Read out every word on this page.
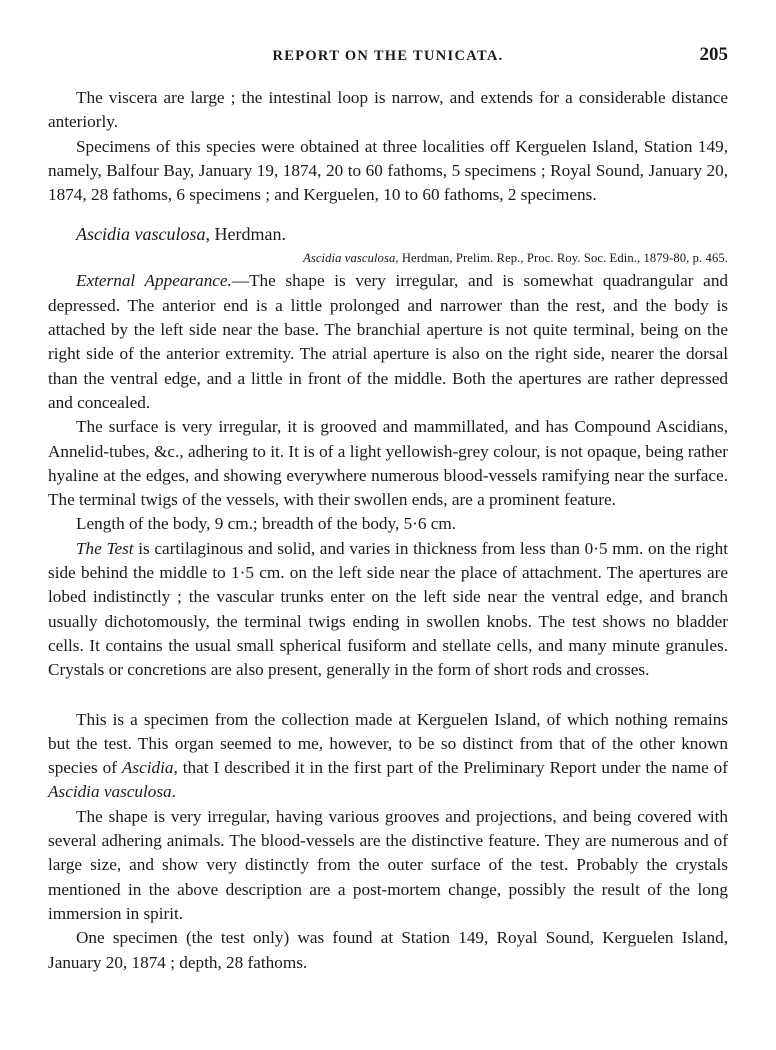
REPORT ON THE TUNICATA.	205

The viscera are large ; the intestinal loop is narrow, and extends for a considerable distance anteriorly.

Specimens of this species were obtained at three localities off Kerguelen Island, Station 149, namely, Balfour Bay, January 19, 1874, 20 to 60 fathoms, 5 specimens ; Royal Sound, January 20, 1874, 28 fathoms, 6 specimens ; and Kerguelen, 10 to 60 fathoms, 2 specimens.

Ascidia vasculosa, Herdman.
Ascidia vasculosa, Herdman, Prelim. Rep., Proc. Roy. Soc. Edin., 1879-80, p. 465.

External Appearance.—The shape is very irregular, and is somewhat quadrangular and depressed. The anterior end is a little prolonged and narrower than the rest, and the body is attached by the left side near the base. The branchial aperture is not quite terminal, being on the right side of the anterior extremity. The atrial aperture is also on the right side, nearer the dorsal than the ventral edge, and a little in front of the middle. Both the apertures are rather depressed and concealed.

The surface is very irregular, it is grooved and mammillated, and has Compound Ascidians, Annelid-tubes, &c., adhering to it. It is of a light yellowish-grey colour, is not opaque, being rather hyaline at the edges, and showing everywhere numerous blood-vessels ramifying near the surface. The terminal twigs of the vessels, with their swollen ends, are a prominent feature.

Length of the body, 9 cm.; breadth of the body, 5·6 cm.

The Test is cartilaginous and solid, and varies in thickness from less than 0·5 mm. on the right side behind the middle to 1·5 cm. on the left side near the place of attachment. The apertures are lobed indistinctly ; the vascular trunks enter on the left side near the ventral edge, and branch usually dichotomously, the terminal twigs ending in swollen knobs. The test shows no bladder cells. It contains the usual small spherical fusiform and stellate cells, and many minute granules. Crystals or concretions are also present, generally in the form of short rods and crosses.

This is a specimen from the collection made at Kerguelen Island, of which nothing remains but the test. This organ seemed to me, however, to be so distinct from that of the other known species of Ascidia, that I described it in the first part of the Preliminary Report under the name of Ascidia vasculosa.

The shape is very irregular, having various grooves and projections, and being covered with several adhering animals. The blood-vessels are the distinctive feature. They are numerous and of large size, and show very distinctly from the outer surface of the test. Probably the crystals mentioned in the above description are a post-mortem change, possibly the result of the long immersion in spirit.

One specimen (the test only) was found at Station 149, Royal Sound, Kerguelen Island, January 20, 1874 ; depth, 28 fathoms.
